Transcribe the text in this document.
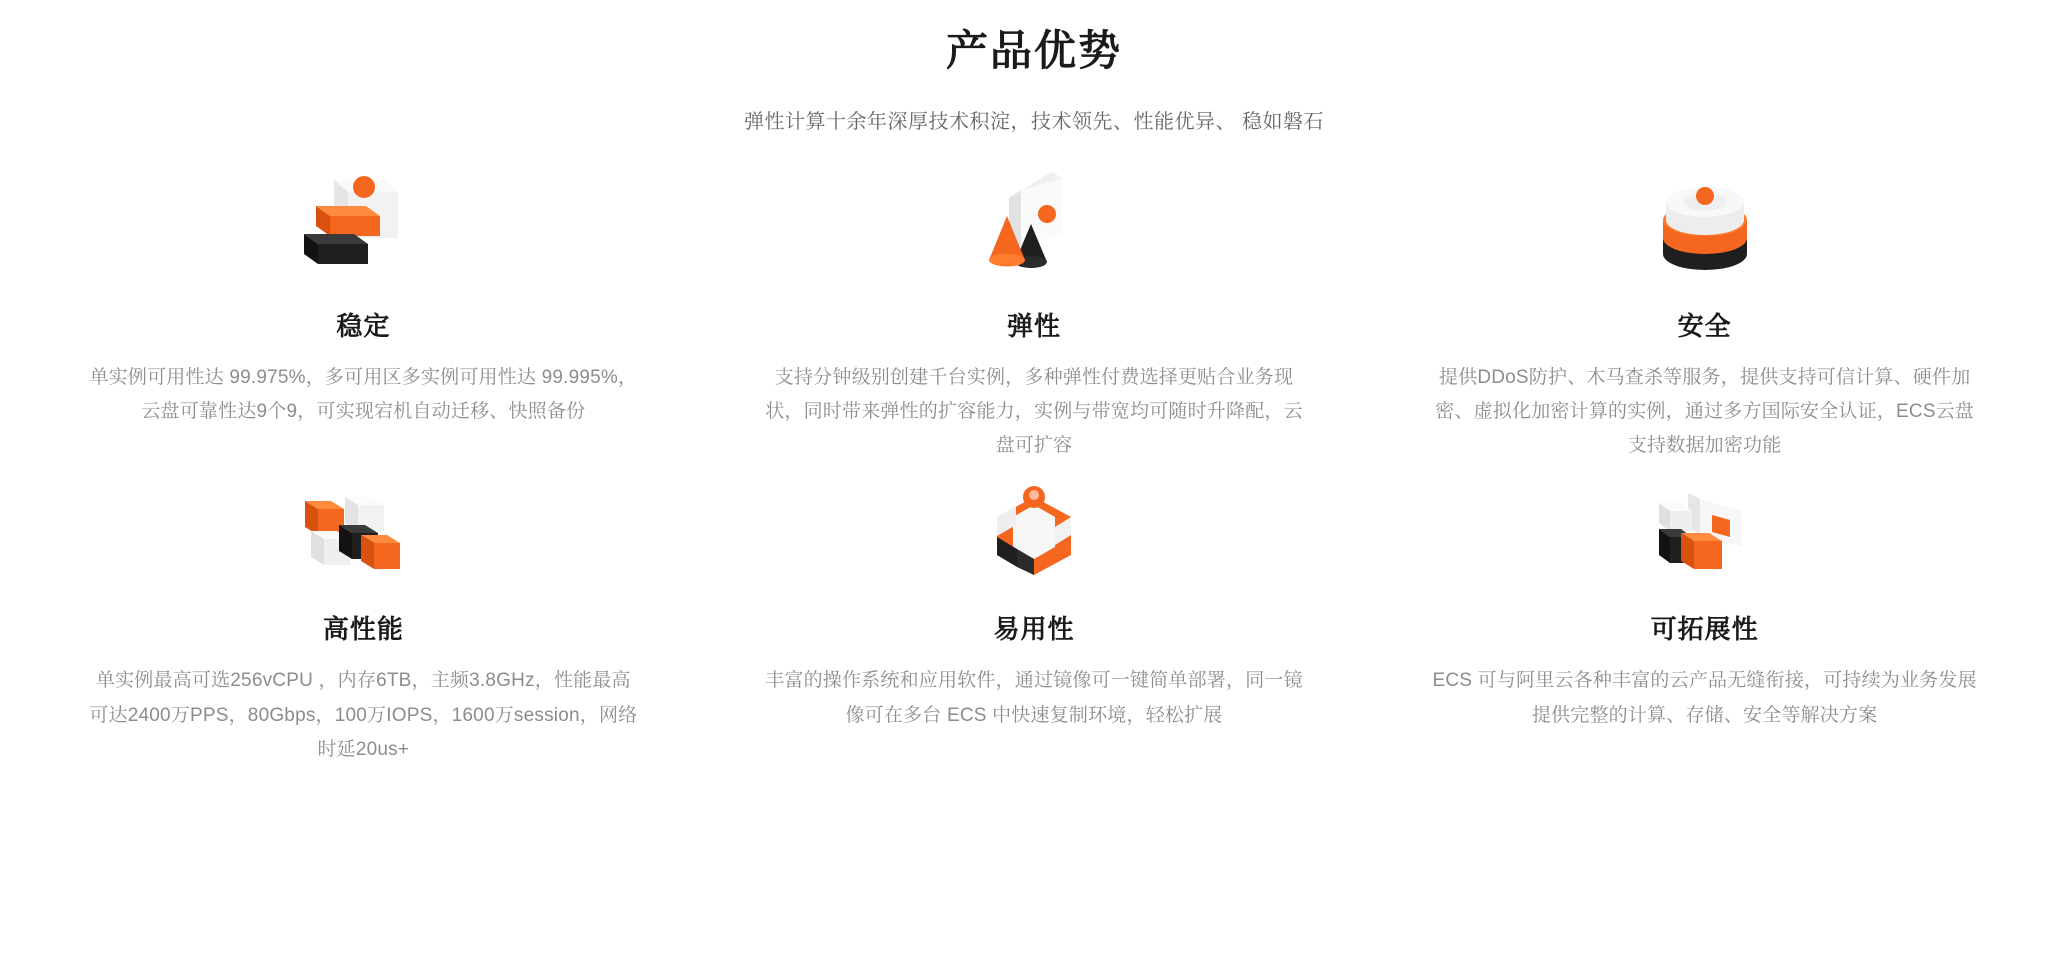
产品优势

弹性计算十余年深厚技术积淀，技术领先、性能优异、 稳如磐石

稳定
单实例可用性达 99.975%，多可用区多实例可用性达 99.995%，云盘可靠性达9个9，可实现宕机自动迁移、快照备份
弹性
支持分钟级别创建千台实例，多种弹性付费选择更贴合业务现状，同时带来弹性的扩容能力，实例与带宽均可随时升降配，云盘可扩容
安全
提供DDoS防护、木马查杀等服务，提供支持可信计算、硬件加密、虚拟化加密计算的实例，通过多方国际安全认证，ECS云盘支持数据加密功能
高性能
单实例最高可选256vCPU ，内存6TB，主频3.8GHz，性能最高可达2400万PPS，80Gbps，100万IOPS，1600万session，网络时延20us+
易用性
丰富的操作系统和应用软件，通过镜像可一键简单部署，同一镜像可在多台 ECS 中快速复制环境，轻松扩展
可拓展性
ECS 可与阿里云各种丰富的云产品无缝衔接，可持续为业务发展提供完整的计算、存储、安全等解决方案
